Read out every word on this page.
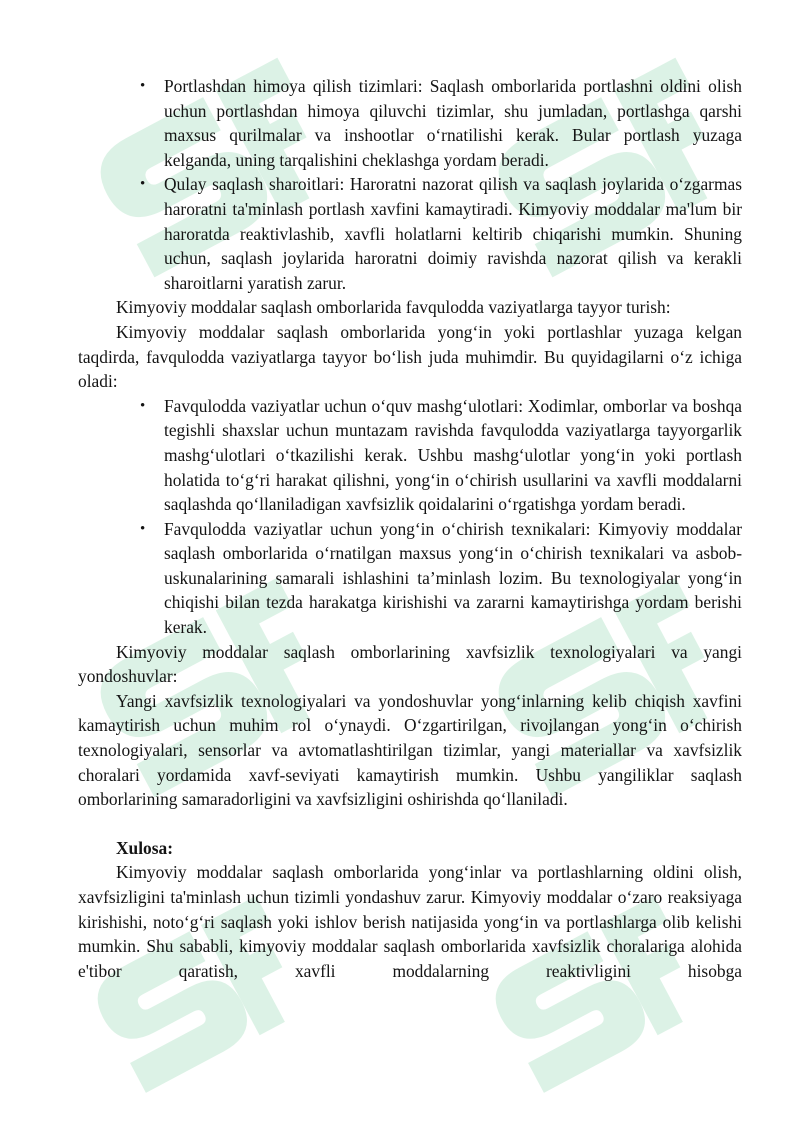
• Portlashdan himoya qilish tizimlari: Saqlash omborlarida portlashni oldini olish uchun portlashdan himoya qiluvchi tizimlar, shu jumladan, portlashga qarshi maxsus qurilmalar va inshootlar o‘rnatilishi kerak. Bular portlash yuzaga kelganda, uning tarqalishini cheklashga yordam beradi.
• Qulay saqlash sharoitlari: Haroratni nazorat qilish va saqlash joylarida o‘zgarmas haroratni ta'minlash portlash xavfini kamaytiradi. Kimyoviy moddalar ma'lum bir haroratda reaktivlashib, xavfli holatlarni keltirib chiqarishi mumkin. Shuning uchun, saqlash joylarida haroratni doimiy ravishda nazorat qilish va kerakli sharoitlarni yaratish zarur.

Kimyoviy moddalar saqlash omborlarida favqulodda vaziyatlarga tayyor turish:

Kimyoviy moddalar saqlash omborlarida yong‘in yoki portlashlar yuzaga kelgan taqdirda, favqulodda vaziyatlarga tayyor bo‘lish juda muhimdir. Bu quyidagilarni o‘z ichiga oladi:

• Favqulodda vaziyatlar uchun o‘quv mashg‘ulotlari: Xodimlar, omborlar va boshqa tegishli shaxslar uchun muntazam ravishda favqulodda vaziyatlarga tayyorgarlik mashg‘ulotlari o‘tkazilishi kerak. Ushbu mashg‘ulotlar yong‘in yoki portlash holatida to‘g‘ri harakat qilishni, yong‘in o‘chirish usullarini va xavfli moddalarni saqlashda qo‘llaniladigan xavfsizlik qoidalarini o‘rgatishga yordam beradi.
• Favqulodda vaziyatlar uchun yong‘in o‘chirish texnikalari: Kimyoviy moddalar saqlash omborlarida o‘rnatilgan maxsus yong‘in o‘chirish texnikalari va asbob-uskunalarining samarali ishlashini ta’minlash lozim. Bu texnologiyalar yong‘in chiqishi bilan tezda harakatga kirishishi va zararni kamaytirishga yordam berishi kerak.

Kimyoviy moddalar saqlash omborlarining xavfsizlik texnologiyalari va yangi yondoshuvlar:

Yangi xavfsizlik texnologiyalari va yondoshuvlar yong‘inlarning kelib chiqish xavfini kamaytirish uchun muhim rol o‘ynaydi. O‘zgartirilgan, rivojlangan yong‘in o‘chirish texnologiyalari, sensorlar va avtomatlashtirilgan tizimlar, yangi materiallar va xavfsizlik choralari yordamida xavf-seviyati kamaytirish mumkin. Ushbu yangiliklar saqlash omborlarining samaradorligini va xavfsizligini oshirishda qo‘llaniladi.

Xulosa:

Kimyoviy moddalar saqlash omborlarida yong‘inlar va portlashlarning oldini olish, xavfsizligini ta'minlash uchun tizimli yondashuv zarur. Kimyoviy moddalar o‘zaro reaksiyaga kirishishi, noto‘g‘ri saqlash yoki ishlov berish natijasida yong‘in va portlashlarga olib kelishi mumkin. Shu sababli, kimyoviy moddalar saqlash omborlarida xavfsizlik choralariga alohida e'tibor qaratish, xavfli moddalarning reaktivligini hisobga
